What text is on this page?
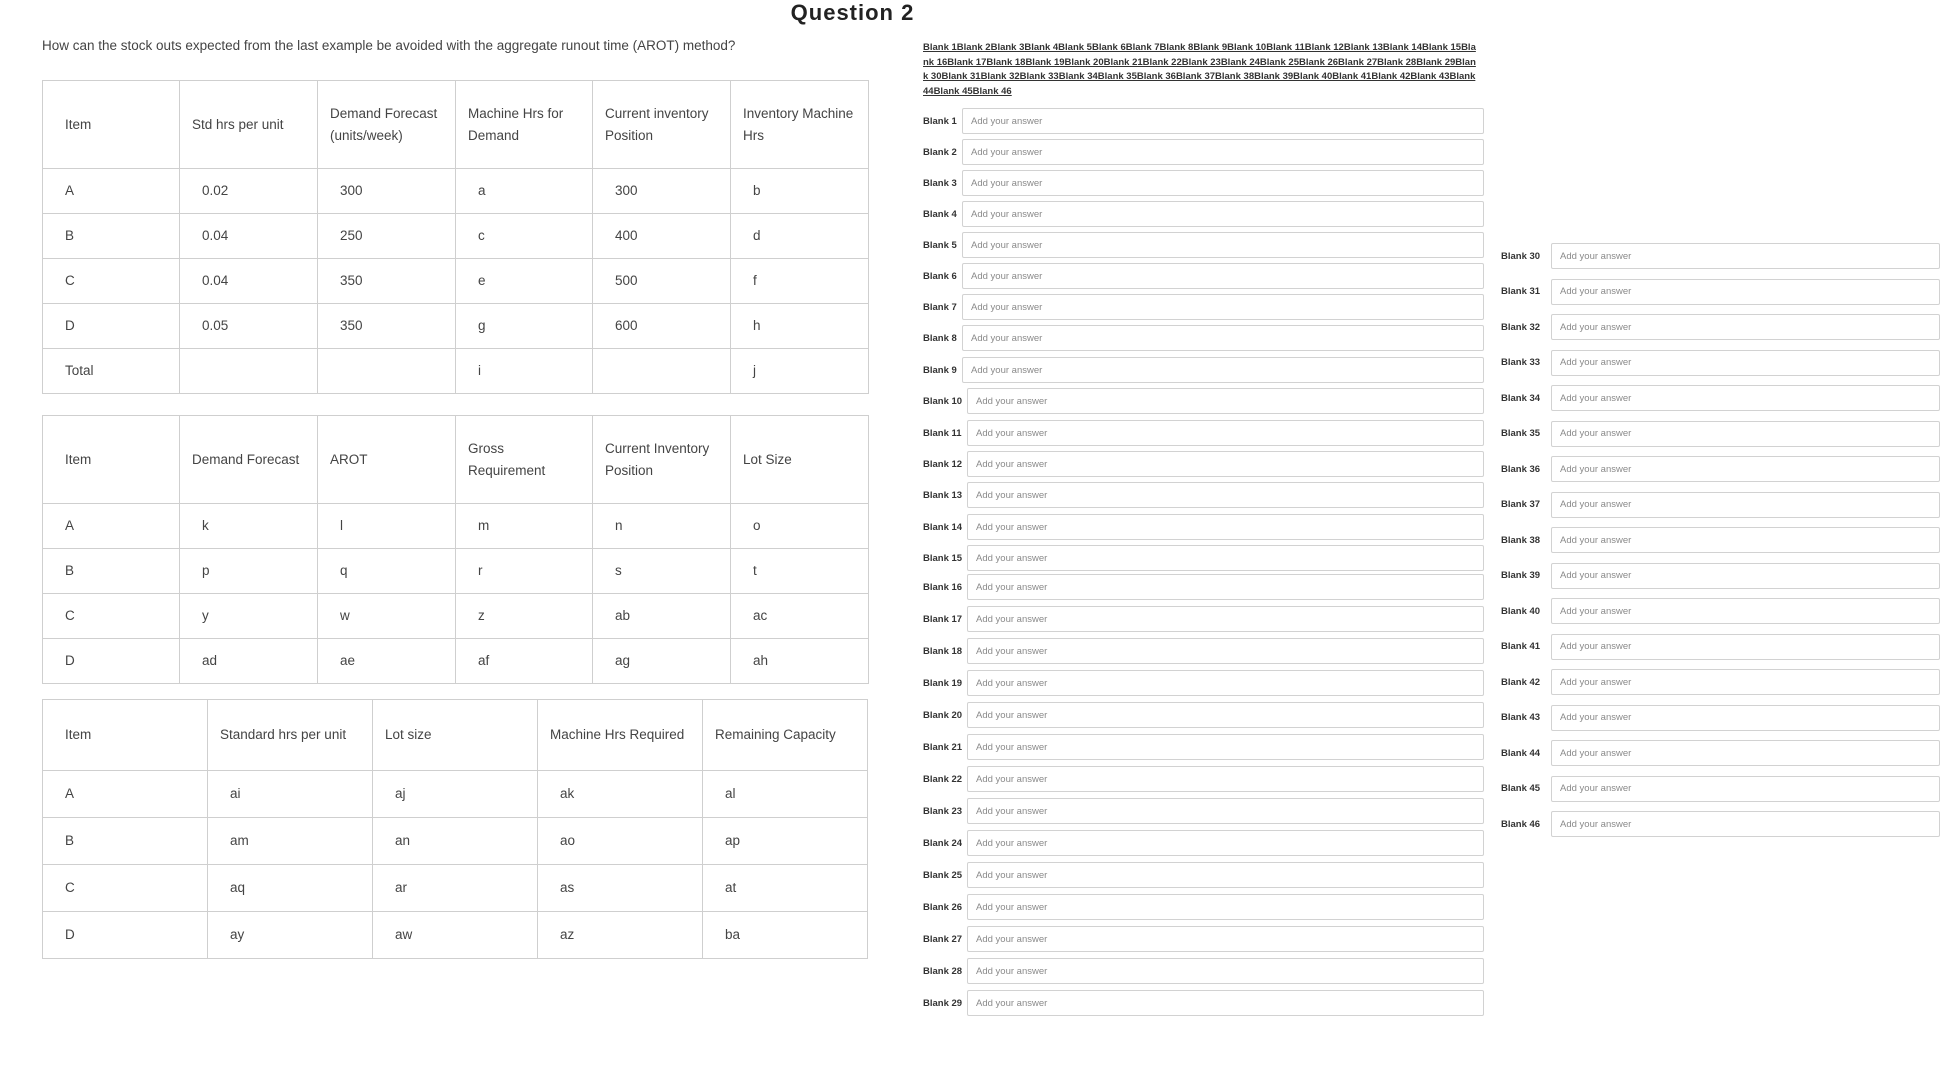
Question 2
How can the stock outs expected from the last example be avoided with the aggregate runout time (AROT) method?
Item	Std hrs per unit	Demand Forecast (units/week)	Machine Hrs for Demand	Current inventory Position	Inventory Machine Hrs
A	0.02	300	a	300	b
B	0.04	250	c	400	d
C	0.04	350	e	500	f
D	0.05	350	g	600	h
Total			i		j
Item	Demand Forecast	AROT	Gross Requirement	Current Inventory Position	Lot Size
A	k	l	m	n	o
B	p	q	r	s	t
C	y	w	z	ab	ac
D	ad	ae	af	ag	ah
Item	Standard hrs per unit	Lot size	Machine Hrs Required	Remaining Capacity
A	ai	aj	ak	al
B	am	an	ao	ap
C	aq	ar	as	at
D	ay	aw	az	ba
Blank 1Blank 2Blank 3Blank 4Blank 5Blank 6Blank 7Blank 8Blank 9Blank 10Blank 11Blank 12Blank 13Blank 14Blank 15Blank 16Blank 17Blank 18Blank 19Blank 20Blank 21Blank 22Blank 23Blank 24Blank 25Blank 26Blank 27Blank 28Blank 29Blank 30Blank 31Blank 32Blank 33Blank 34Blank 35Blank 36Blank 37Blank 38Blank 39Blank 40Blank 41Blank 42Blank 43Blank 44Blank 45Blank 46
Blank 1
Add your answer
Blank 2
Add your answer
Blank 3
Add your answer
Blank 4
Add your answer
Blank 5
Add your answer
Blank 6
Add your answer
Blank 7
Add your answer
Blank 8
Add your answer
Blank 9
Add your answer
Blank 10
Add your answer
Blank 11
Add your answer
Blank 12
Add your answer
Blank 13
Add your answer
Blank 14
Add your answer
Blank 15
Add your answer
Blank 16
Add your answer
Blank 17
Add your answer
Blank 18
Add your answer
Blank 19
Add your answer
Blank 20
Add your answer
Blank 21
Add your answer
Blank 22
Add your answer
Blank 23
Add your answer
Blank 24
Add your answer
Blank 25
Add your answer
Blank 26
Add your answer
Blank 27
Add your answer
Blank 28
Add your answer
Blank 29
Add your answer
Blank 30
Add your answer
Blank 31
Add your answer
Blank 32
Add your answer
Blank 33
Add your answer
Blank 34
Add your answer
Blank 35
Add your answer
Blank 36
Add your answer
Blank 37
Add your answer
Blank 38
Add your answer
Blank 39
Add your answer
Blank 40
Add your answer
Blank 41
Add your answer
Blank 42
Add your answer
Blank 43
Add your answer
Blank 44
Add your answer
Blank 45
Add your answer
Blank 46
Add your answer
